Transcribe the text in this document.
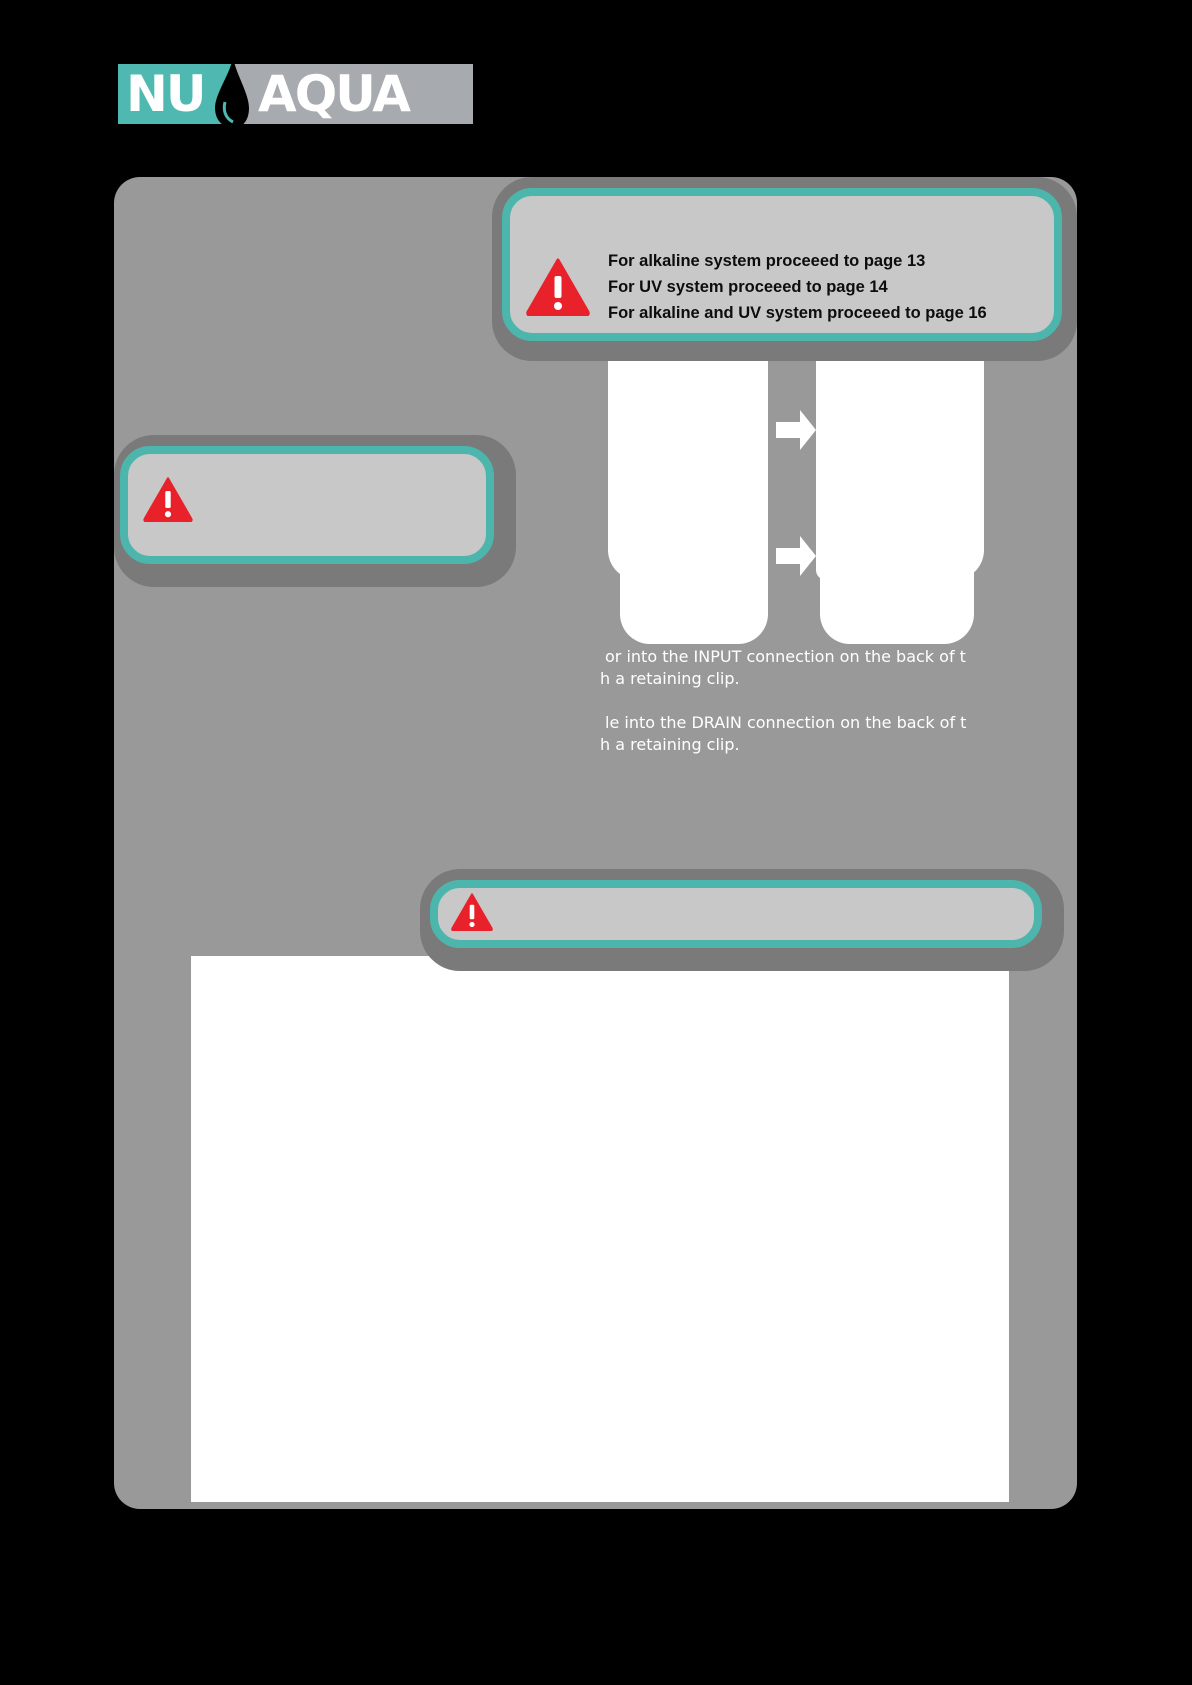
NU AQUA
For alkaline system proceeed to page 13
For UV system proceeed to page 14
For alkaline and UV system proceeed to page 16
or into the INPUT connection on the back of t
h a retaining clip.
le into the DRAIN connection on the back of t
h a retaining clip.
